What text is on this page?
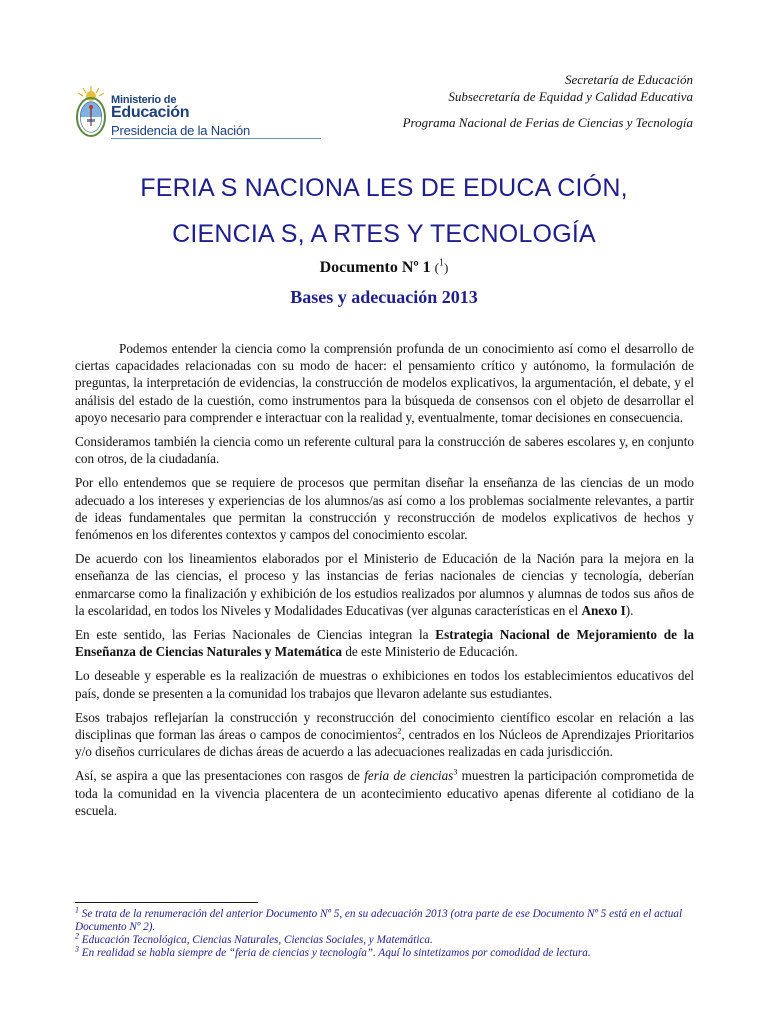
Ministerio de
Educación
Presidencia de la Nación
Secretaría de Educación
Subsecretaría de Equidad y Calidad Educativa
Programa Nacional de Ferias de Ciencias y Tecnología
FERIA S NACIONA LES DE EDUCA CIÓN,
CIENCIA S, A RTES Y TECNOLOGÍA
Documento Nº 1 ($^1$)
Bases y adecuación 2013

Podemos entender la ciencia como la comprensión profunda de un conocimiento así como el desarrollo de ciertas capacidades relacionadas con su modo de hacer: el pensamiento crítico y autónomo, la formulación de preguntas, la interpretación de evidencias, la construcción de modelos explicativos, la argumentación, el debate, y el análisis del estado de la cuestión, como instrumentos para la búsqueda de consensos con el objeto de desarrollar el apoyo necesario para comprender e interactuar con la realidad y, eventualmente, tomar decisiones en consecuencia.

Consideramos también la ciencia como un referente cultural para la construcción de saberes escolares y, en conjunto con otros, de la ciudadanía.

Por ello entendemos que se requiere de procesos que permitan diseñar la enseñanza de las ciencias de un modo adecuado a los intereses y experiencias de los alumnos/as así como a los problemas socialmente relevantes, a partir de ideas fundamentales que permitan la construcción y reconstrucción de modelos explicativos de hechos y fenómenos en los diferentes contextos y campos del conocimiento escolar.

De acuerdo con los lineamientos elaborados por el Ministerio de Educación de la Nación para la mejora en la enseñanza de las ciencias, el proceso y las instancias de ferias nacionales de ciencias y tecnología, deberían enmarcarse como la finalización y exhibición de los estudios realizados por alumnos y alumnas de todos sus años de la escolaridad, en todos los Niveles y Modalidades Educativas (ver algunas características en el Anexo I).

En este sentido, las Ferias Nacionales de Ciencias integran la Estrategia Nacional de Mejoramiento de la Enseñanza de Ciencias Naturales y Matemática de este Ministerio de Educación.

Lo deseable y esperable es la realización de muestras o exhibiciones en todos los establecimientos educativos del país, donde se presenten a la comunidad los trabajos que llevaron adelante sus estudiantes.

Esos trabajos reflejarían la construcción y reconstrucción del conocimiento científico escolar en relación a las disciplinas que forman las áreas o campos de conocimientos$^2$, centrados en los Núcleos de Aprendizajes Prioritarios y/o diseños curriculares de dichas áreas de acuerdo a las adecuaciones realizadas en cada jurisdicción.

Así, se aspira a que las presentaciones con rasgos de feria de ciencias$^3$ muestren la participación comprometida de toda la comunidad en la vivencia placentera de un acontecimiento educativo apenas diferente al cotidiano de la escuela.

$^1$ Se trata de la renumeración del anterior Documento Nº 5, en su adecuación 2013 (otra parte de ese Documento Nº 5 está en el actual Documento Nº 2).

$^2$ Educación Tecnológica, Ciencias Naturales, Ciencias Sociales, y Matemática.

$^3$ En realidad se habla siempre de “feria de ciencias y tecnología”. Aquí lo sintetizamos por comodidad de lectura.
